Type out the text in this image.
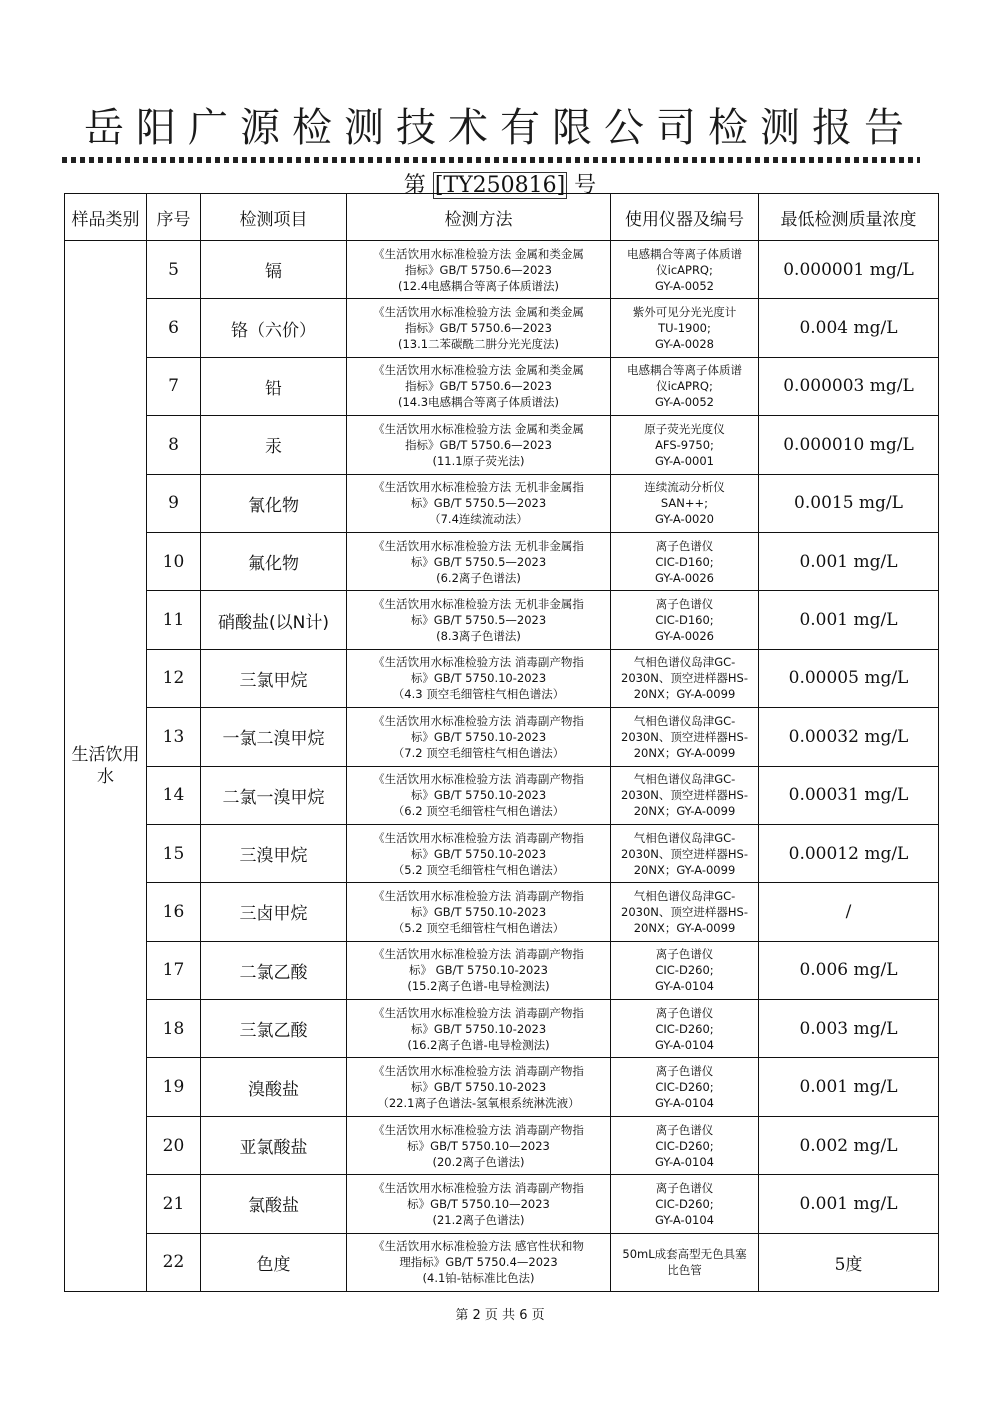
岳阳广源检测技术有限公司检测报告
第 [TY250816] 号
样品类别	序号	检测项目	检测方法	使用仪器及编号	最低检测质量浓度
生活饮用水	5	镉	《生活饮用水标准检验方法 金属和类金属
指标》GB/T 5750.6—2023
(12.4电感耦合等离子体质谱法)	电感耦合等离子体质谱
仪icAPRQ;
GY-A-0052	0.000001 mg/L
	6	铬（六价）	《生活饮用水标准检验方法 金属和类金属
指标》GB/T 5750.6—2023
(13.1二苯碳酰二肼分光光度法)	紫外可见分光光度计
TU-1900;
GY-A-0028	0.004 mg/L
	7	铅	《生活饮用水标准检验方法 金属和类金属
指标》GB/T 5750.6—2023
(14.3电感耦合等离子体质谱法)	电感耦合等离子体质谱
仪icAPRQ;
GY-A-0052	0.000003 mg/L
	8	汞	《生活饮用水标准检验方法 金属和类金属
指标》GB/T 5750.6—2023
(11.1原子荧光法)	原子荧光光度仪
AFS-9750;
GY-A-0001	0.000010 mg/L
	9	氰化物	《生活饮用水标准检验方法 无机非金属指
标》GB/T 5750.5—2023
（7.4连续流动法）	连续流动分析仪
SAN++;
GY-A-0020	0.0015 mg/L
	10	氟化物	《生活饮用水标准检验方法 无机非金属指
标》GB/T 5750.5—2023
(6.2离子色谱法)	离子色谱仪
CIC-D160;
GY-A-0026	0.001 mg/L
	11	硝酸盐(以N计)	《生活饮用水标准检验方法 无机非金属指
标》GB/T 5750.5—2023
(8.3离子色谱法)	离子色谱仪
CIC-D160;
GY-A-0026	0.001 mg/L
	12	三氯甲烷	《生活饮用水标准检验方法 消毒副产物指
标》GB/T 5750.10-2023
（4.3 顶空毛细管柱气相色谱法）	气相色谱仪岛津GC-
2030N、顶空进样器HS-
20NX；GY-A-0099	0.00005 mg/L
	13	一氯二溴甲烷	《生活饮用水标准检验方法 消毒副产物指
标》GB/T 5750.10-2023
（7.2 顶空毛细管柱气相色谱法）	气相色谱仪岛津GC-
2030N、顶空进样器HS-
20NX；GY-A-0099	0.00032 mg/L
	14	二氯一溴甲烷	《生活饮用水标准检验方法 消毒副产物指
标》GB/T 5750.10-2023
（6.2 顶空毛细管柱气相色谱法）	气相色谱仪岛津GC-
2030N、顶空进样器HS-
20NX；GY-A-0099	0.00031 mg/L
	15	三溴甲烷	《生活饮用水标准检验方法 消毒副产物指
标》GB/T 5750.10-2023
（5.2 顶空毛细管柱气相色谱法）	气相色谱仪岛津GC-
2030N、顶空进样器HS-
20NX；GY-A-0099	0.00012 mg/L
	16	三卤甲烷	《生活饮用水标准检验方法 消毒副产物指
标》GB/T 5750.10-2023
（5.2 顶空毛细管柱气相色谱法）	气相色谱仪岛津GC-
2030N、顶空进样器HS-
20NX；GY-A-0099	/
	17	二氯乙酸	《生活饮用水标准检验方法 消毒副产物指
标》 GB/T 5750.10-2023
(15.2离子色谱-电导检测法)	离子色谱仪
CIC-D260;
GY-A-0104	0.006 mg/L
	18	三氯乙酸	《生活饮用水标准检验方法 消毒副产物指
标》GB/T 5750.10-2023
(16.2离子色谱-电导检测法)	离子色谱仪
CIC-D260;
GY-A-0104	0.003 mg/L
	19	溴酸盐	《生活饮用水标准检验方法 消毒副产物指
标》GB/T 5750.10-2023
（22.1离子色谱法-氢氧根系统淋洗液）	离子色谱仪
CIC-D260;
GY-A-0104	0.001 mg/L
	20	亚氯酸盐	《生活饮用水标准检验方法 消毒副产物指
标》GB/T 5750.10—2023
(20.2离子色谱法)	离子色谱仪
CIC-D260;
GY-A-0104	0.002 mg/L
	21	氯酸盐	《生活饮用水标准检验方法 消毒副产物指
标》GB/T 5750.10—2023
(21.2离子色谱法)	离子色谱仪
CIC-D260;
GY-A-0104	0.001 mg/L
	22	色度	《生活饮用水标准检验方法 感官性状和物
理指标》GB/T 5750.4—2023
(4.1铂-钴标准比色法)	50mL成套高型无色具塞
比色管	5度
第 2 页 共 6 页
